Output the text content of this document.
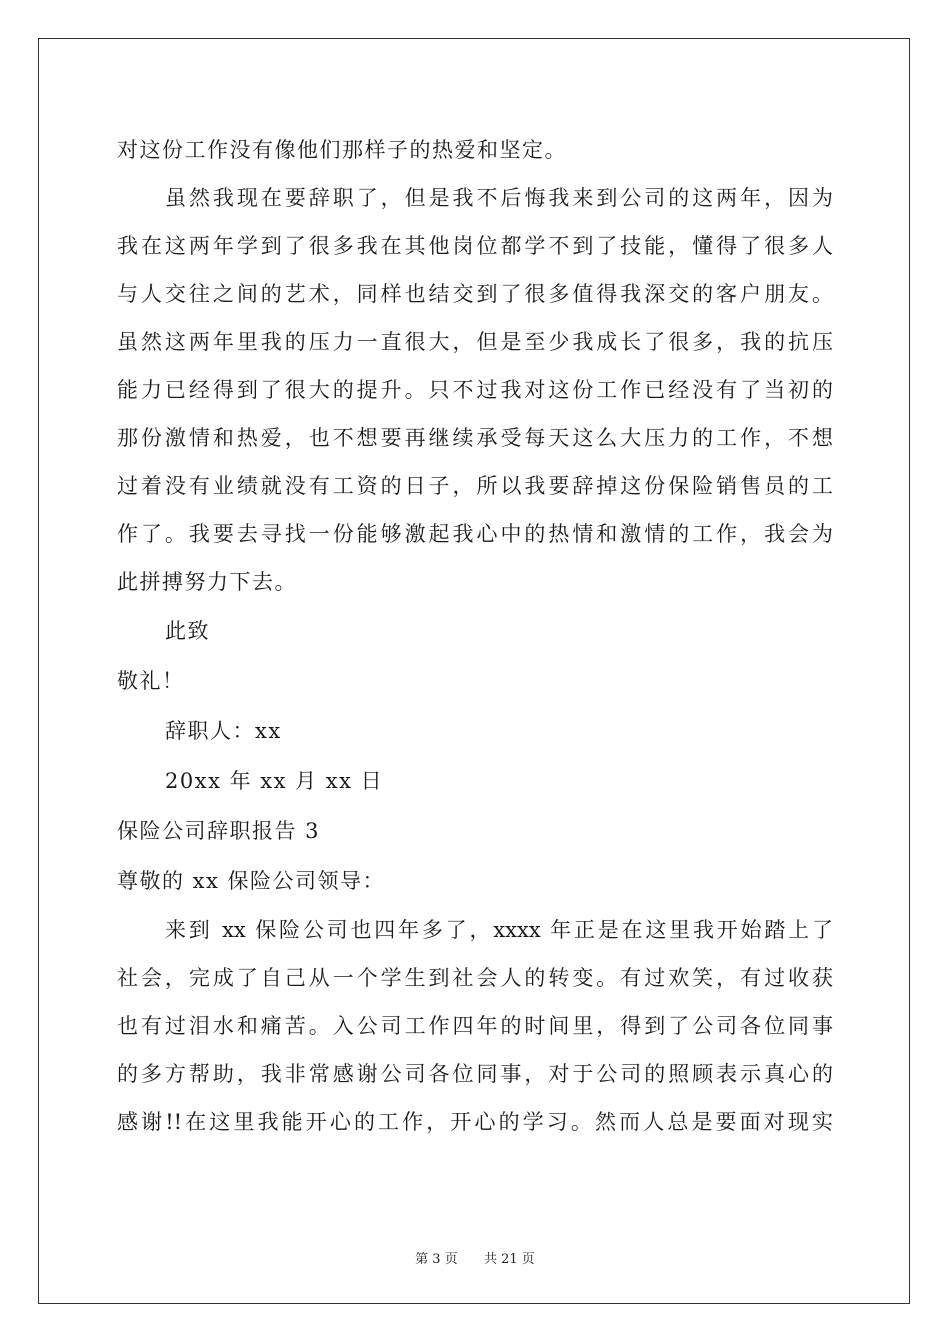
对这份工作没有像他们那样子的热爱和坚定。
虽然我现在要辞职了，但是我不后悔我来到公司的这两年，因为
我在这两年学到了很多我在其他岗位都学不到了技能，懂得了很多人
与人交往之间的艺术，同样也结交到了很多值得我深交的客户朋友。
虽然这两年里我的压力一直很大，但是至少我成长了很多，我的抗压
能力已经得到了很大的提升。只不过我对这份工作已经没有了当初的
那份激情和热爱，也不想要再继续承受每天这么大压力的工作，不想
过着没有业绩就没有工资的日子，所以我要辞掉这份保险销售员的工
作了。我要去寻找一份能够激起我心中的热情和激情的工作，我会为
此拼搏努力下去。
此致
敬礼！
辞职人：xx
20xx 年 xx 月 xx 日
保险公司辞职报告 3
尊敬的 xx 保险公司领导：
来到 xx 保险公司也四年多了，xxxx 年正是在这里我开始踏上了
社会，完成了自己从一个学生到社会人的转变。有过欢笑，有过收获
也有过泪水和痛苦。入公司工作四年的时间里，得到了公司各位同事
的多方帮助，我非常感谢公司各位同事，对于公司的照顾表示真心的
感谢!!在这里我能开心的工作，开心的学习。然而人总是要面对现实
第 3 页 共 21 页
